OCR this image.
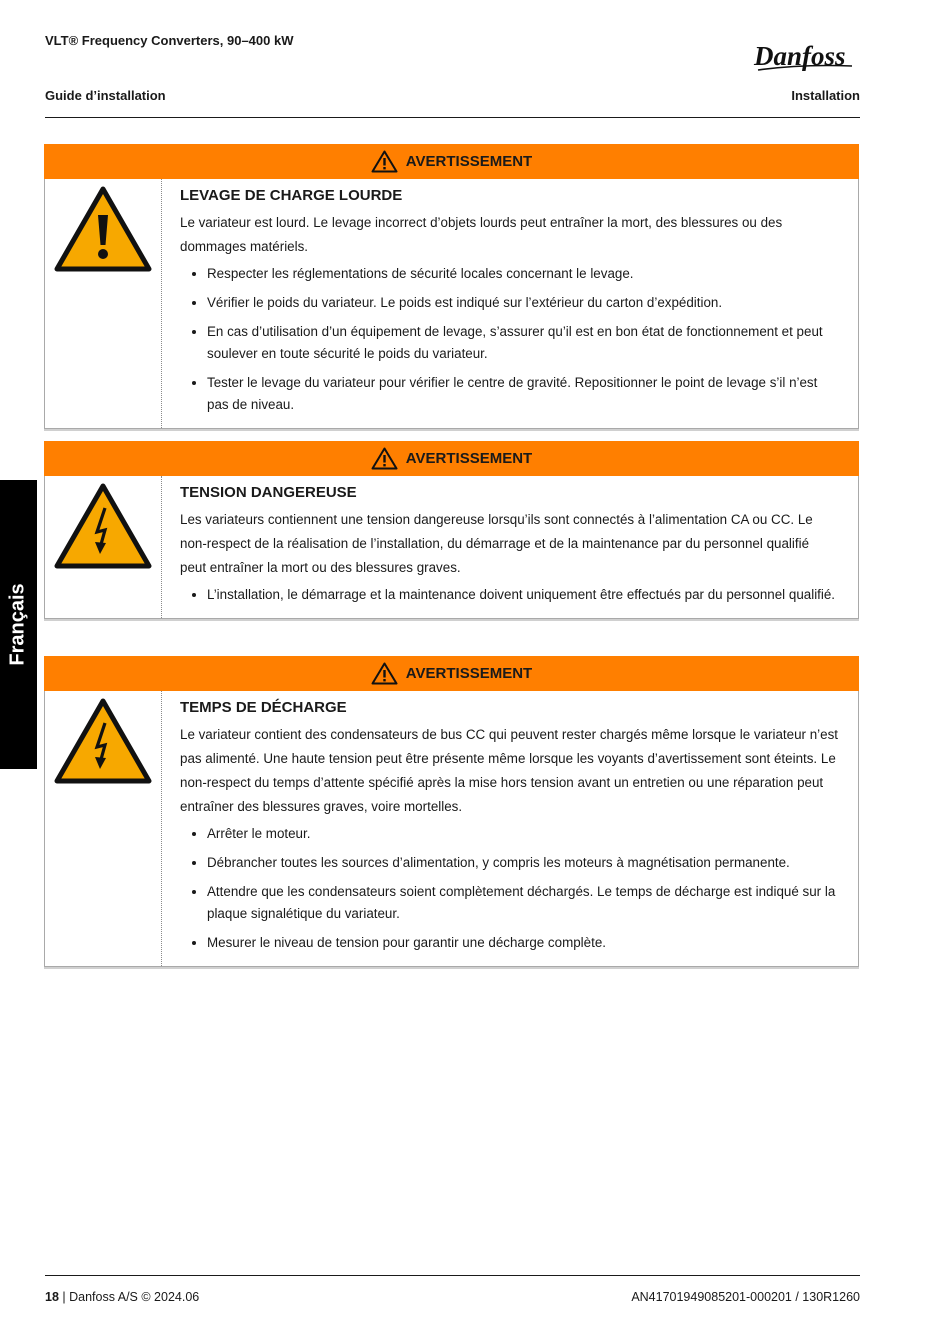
VLT® Frequency Converters, 90–400 kW
Danfoss
Guide d’installation	Installation
Français
AVERTISSEMENT
LEVAGE DE CHARGE LOURDE
Le variateur est lourd. Le levage incorrect d’objets lourds peut entraîner la mort, des blessures ou des dommages matériels.
• Respecter les réglementations de sécurité locales concernant le levage.
• Vérifier le poids du variateur. Le poids est indiqué sur l’extérieur du carton d’expédition.
• En cas d’utilisation d’un équipement de levage, s’assurer qu’il est en bon état de fonctionnement et peut soulever en toute sécurité le poids du variateur.
• Tester le levage du variateur pour vérifier le centre de gravité. Repositionner le point de levage s’il n’est pas de niveau.
AVERTISSEMENT
TENSION DANGEREUSE
Les variateurs contiennent une tension dangereuse lorsqu’ils sont connectés à l’alimentation CA ou CC. Le non-respect de la réalisation de l’installation, du démarrage et de la maintenance par du personnel qualifié peut entraîner la mort ou des blessures graves.
• L’installation, le démarrage et la maintenance doivent uniquement être effectués par du personnel qualifié.
AVERTISSEMENT
TEMPS DE DÉCHARGE
Le variateur contient des condensateurs de bus CC qui peuvent rester chargés même lorsque le variateur n’est pas alimenté. Une haute tension peut être présente même lorsque les voyants d’avertissement sont éteints. Le non-respect du temps d’attente spécifié après la mise hors tension avant un entretien ou une réparation peut entraîner des blessures graves, voire mortelles.
• Arrêter le moteur.
• Débrancher toutes les sources d’alimentation, y compris les moteurs à magnétisation permanente.
• Attendre que les condensateurs soient complètement déchargés. Le temps de décharge est indiqué sur la plaque signalétique du variateur.
• Mesurer le niveau de tension pour garantir une décharge complète.
18 | Danfoss A/S © 2024.06	AN41701949085201-000201 / 130R1260
